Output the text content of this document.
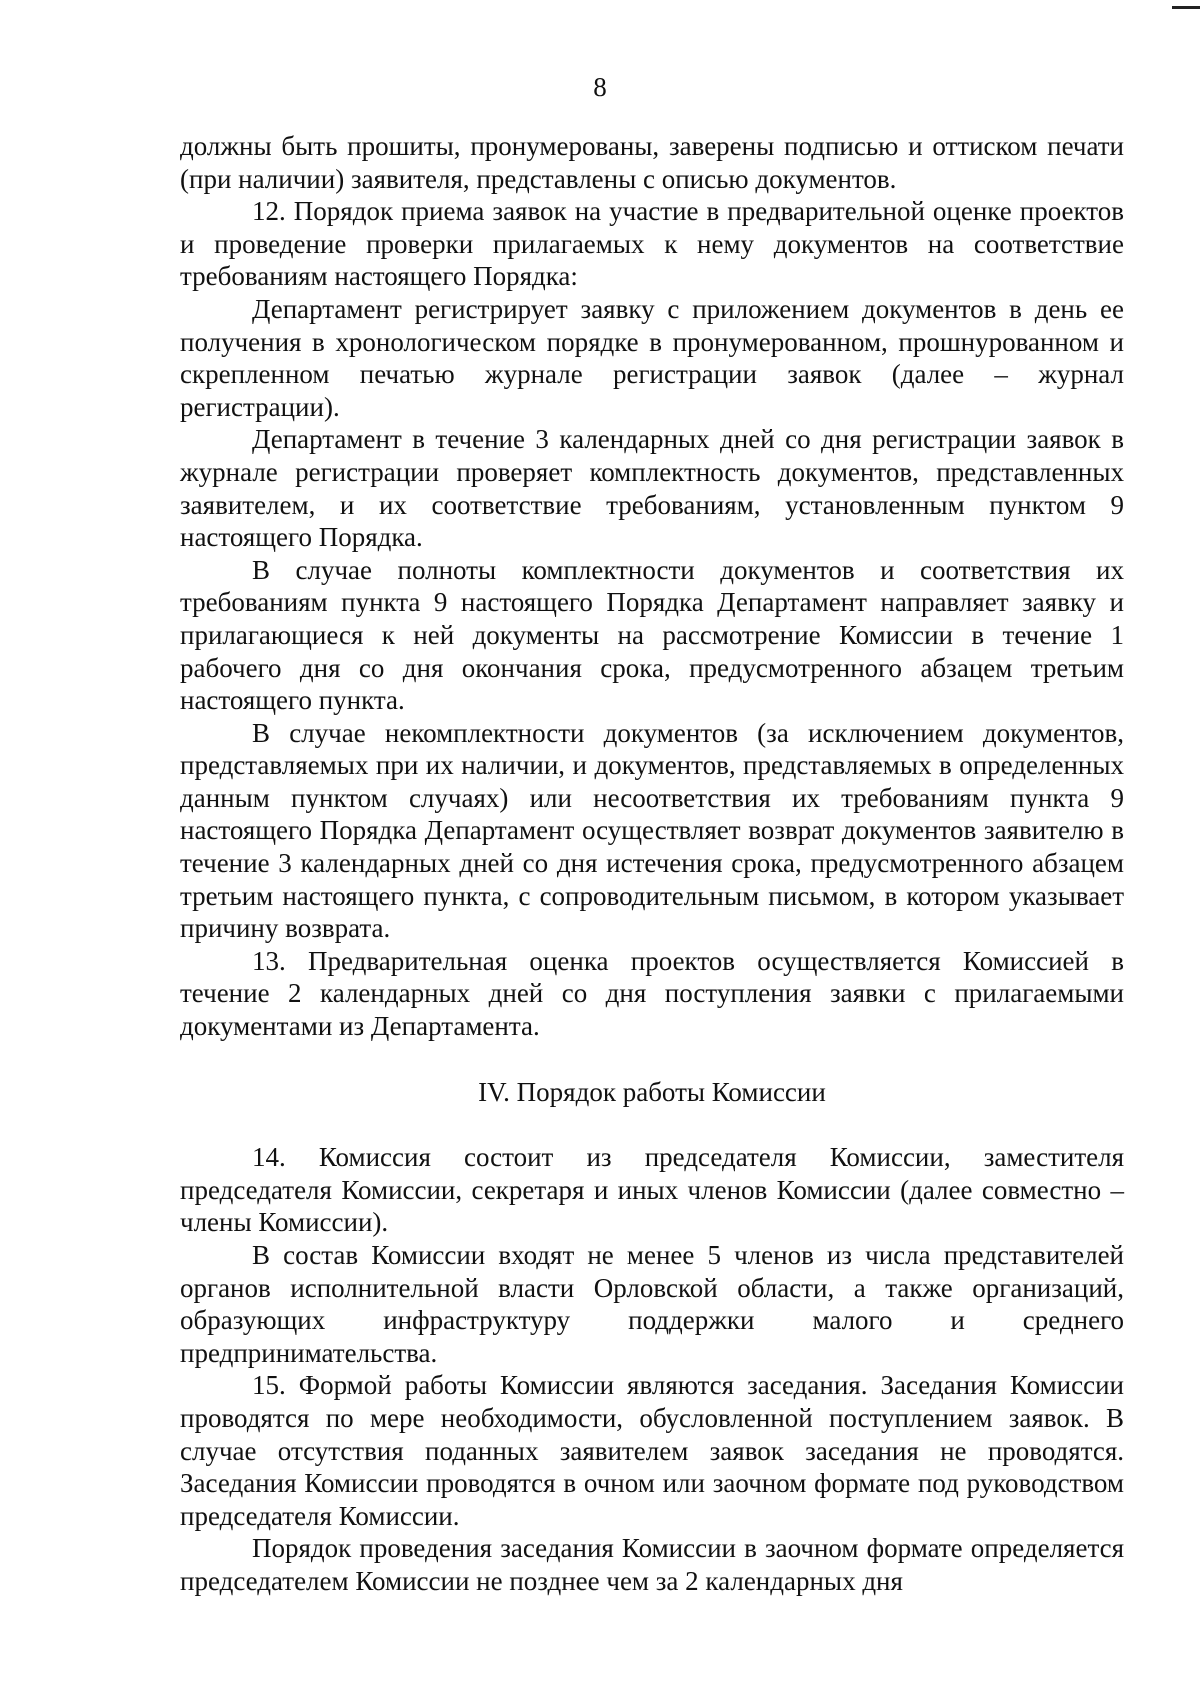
8

должны быть прошиты, пронумерованы, заверены подписью и оттиском печати (при наличии) заявителя, представлены с описью документов.

12. Порядок приема заявок на участие в предварительной оценке проектов и проведение проверки прилагаемых к нему документов на соответствие требованиям настоящего Порядка:

Департамент регистрирует заявку с приложением документов в день ее получения в хронологическом порядке в пронумерованном, прошнурованном и скрепленном печатью журнале регистрации заявок (далее – журнал регистрации).

Департамент в течение 3 календарных дней со дня регистрации заявок в журнале регистрации проверяет комплектность документов, представленных заявителем, и их соответствие требованиям, установленным пунктом 9 настоящего Порядка.

В случае полноты комплектности документов и соответствия их требованиям пункта 9 настоящего Порядка Департамент направляет заявку и прилагающиеся к ней документы на рассмотрение Комиссии в течение 1 рабочего дня со дня окончания срока, предусмотренного абзацем третьим настоящего пункта.

В случае некомплектности документов (за исключением документов, представляемых при их наличии, и документов, представляемых в определенных данным пунктом случаях) или несоответствия их требованиям пункта 9 настоящего Порядка Департамент осуществляет возврат документов заявителю в течение 3 календарных дней со дня истечения срока, предусмотренного абзацем третьим настоящего пункта, с сопроводительным письмом, в котором указывает причину возврата.

13. Предварительная оценка проектов осуществляется Комиссией в течение 2 календарных дней со дня поступления заявки с прилагаемыми документами из Департамента.

IV. Порядок работы Комиссии

14. Комиссия состоит из председателя Комиссии, заместителя председателя Комиссии, секретаря и иных членов Комиссии (далее совместно – члены Комиссии).

В состав Комиссии входят не менее 5 членов из числа представителей органов исполнительной власти Орловской области, а также организаций, образующих инфраструктуру поддержки малого и среднего предпринимательства.

15. Формой работы Комиссии являются заседания. Заседания Комиссии проводятся по мере необходимости, обусловленной поступлением заявок. В случае отсутствия поданных заявителем заявок заседания не проводятся. Заседания Комиссии проводятся в очном или заочном формате под руководством председателя Комиссии.

Порядок проведения заседания Комиссии в заочном формате определяется председателем Комиссии не позднее чем за 2 календарных дня
